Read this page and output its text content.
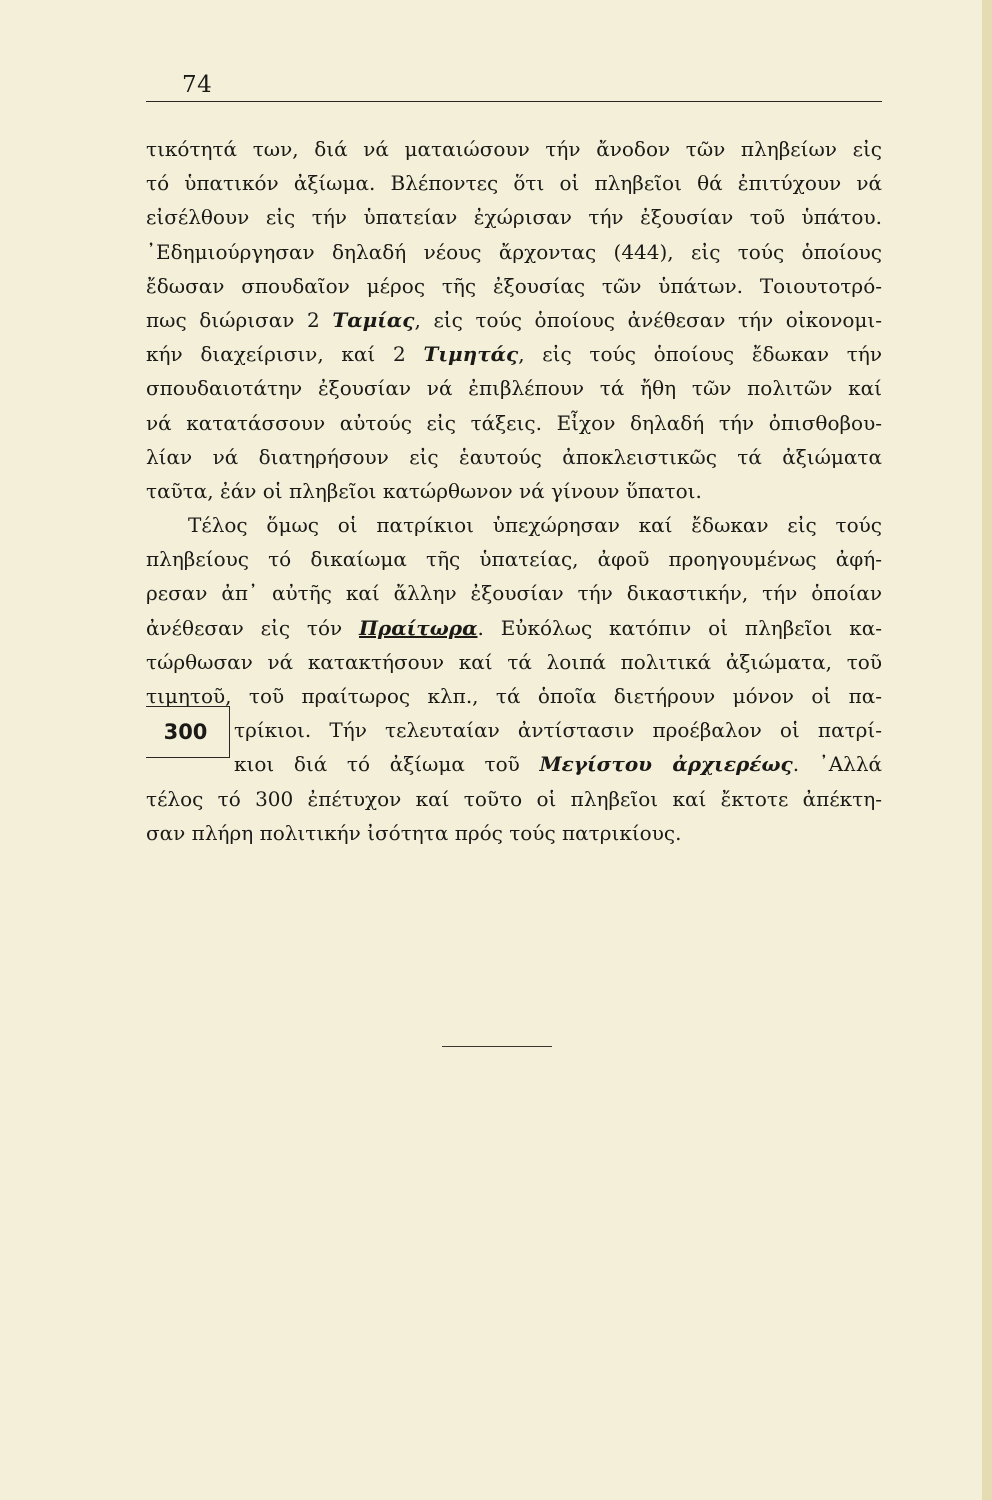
74
τικότητά των, διά νά ματαιώσουν τήν ἄνοδον τῶν πληβείων εἰς
τό ὑπατικόν ἀξίωμα. Βλέποντες ὅτι οἱ πληβεῖοι θά ἐπιτύχουν νά
εἰσέλθουν εἰς τήν ὑπατείαν ἐχώρισαν τήν ἐξουσίαν τοῦ ὑπάτου.
᾿Εδημιούργησαν δηλαδή νέους ἄρχοντας (444), εἰς τούς ὁποίους
ἔδωσαν σπουδαῖον μέρος τῆς ἐξουσίας τῶν ὑπάτων. Τοιουτοτρό-
πως διώρισαν 2 Ταμίας, εἰς τούς ὁποίους ἀνέθεσαν τήν οἰκονομι-
κήν διαχείρισιν, καί 2 Τιμητάς, εἰς τούς ὁποίους ἔδωκαν τήν
σπουδαιοτάτην ἐξουσίαν νά ἐπιβλέπουν τά ἤθη τῶν πολιτῶν καί
νά κατατάσσουν αὐτούς εἰς τάξεις. Εἶχον δηλαδή τήν ὀπισθοβου-
λίαν νά διατηρήσουν εἰς ἑαυτούς ἀποκλειστικῶς τά ἀξιώματα
ταῦτα, ἐάν οἱ πληβεῖοι κατώρθωνον νά γίνουν ὕπατοι.
Τέλος ὅμως οἱ πατρίκιοι ὑπεχώρησαν καί ἔδωκαν εἰς τούς
πληβείους τό δικαίωμα τῆς ὑπατείας, ἀφοῦ προηγουμένως ἀφή-
ρεσαν ἀπ᾿ αὐτῆς καί ἄλλην ἐξουσίαν τήν δικαστικήν, τήν ὁποίαν
ἀνέθεσαν εἰς τόν Πραίτωρα. Εὐκόλως κατόπιν οἱ πληβεῖοι κα-
τώρθωσαν νά κατακτήσουν καί τά λοιπά πολιτικά ἀξιώματα, τοῦ
τιμητοῦ, τοῦ πραίτωρος κλπ., τά ὁποῖα διετήρουν μόνον οἱ πα-
τρίκιοι. Τήν τελευταίαν ἀντίστασιν προέβαλον οἱ πατρί-
κιοι διά τό ἀξίωμα τοῦ Μεγίστου ἀρχιερέως. ᾿Αλλά
τέλος τό 300 ἐπέτυχον καί τοῦτο οἱ πληβεῖοι καί ἔκτοτε ἀπέκτη-
σαν πλήρη πολιτικήν ἰσότητα πρός τούς πατρικίους.
300
